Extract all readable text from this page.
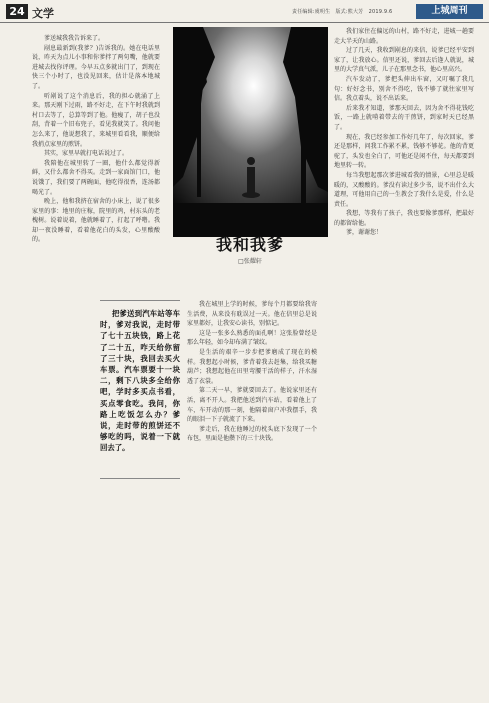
24 文学	责任编辑:虞明生　版式:熊大芳　2019.9.6	上城周刊

爹送城我我告诉来了。

剐息最新到(我爹？)告诉我的。她在电话里说，昨天为点儿小事和你爹拌了两句嘴，他就要进城去找你评理。今早五点多就出门了，到现在快三个小时了，也没见回来，估计是落本地城了。

听剐说了这个消息后，我的担心就涌了上来。那天刚下过雨，路不好走，在下午时我就到村口去等了，总算等到了他。他瘦了，胡子也没刮，背着一个旧布兜子，看见我就笑了。我问他怎么来了，他说想我了，来城里看看我，顺便给我捎点家里的煎饼。

其实，家里早就打电话说过了。

我陪他在城里转了一圈，他什么都觉得新鲜，又什么都舍不得买。走到一家面馆门口，他说饿了，我们要了两碗面，他吃得很香，连汤都喝光了。

晚上，他和我挤在宿舍的小床上，说了很多家里的事：地里的庄稼，院里的鸡，村东头的老槐树。说着说着，他就睡着了，打起了呼噜。我却一夜没睡着，看着他花白的头发，心里酸酸的。	我和我爹
□张耀轩
把爹送到汽车站等车时，爹对我说，走时带了七十五块钱，路上花了二十五，咋天给你留了三十块，我回去买火车票。汽车票要十一块二，剩下八块多全给你吧，学时多买点书看，买点零食吃。我问，你路上吃饭怎么办？爹说，走时带的煎饼还不够吃的吗，说着一下就回去了。

我在城里上学的时候，爹每个月都要给我寄生活费，从来没有耽误过一天。他在信里总是说家里都好，让我安心读书，别惦记。

这是一张多么熟悉的面孔啊！这张脸曾经是那么年轻，如今却布满了皱纹。

是生活的艰辛一步步把爹磨成了现在的模样。我想起小时候，爹背着我去赶集，给我买糖葫芦；我想起他在田里弯腰干活的样子，汗水湿透了衣裳。

第二天一早，爹就要回去了。他说家里还有活，离不开人。我把他送到汽车站，看着他上了车，车开动的那一刻，他隔着窗户冲我摆手，我的眼泪一下子就流了下来。

爹走后，我在他睡过的枕头底下发现了一个布包，里面是他攒下的三十块钱。

我们家住在偏远的山村，路不好走，进城一趟要走大半天的山路。

过了几天，我收到剐息的来信，说爹已经平安到家了，让我放心。信里还说，爹回去后逢人就说，城里的大学真气派，儿子在那里念书，他心里高兴。

汽车发动了，爹把头伸出车窗，又叮嘱了我几句：好好念书，别舍不得吃，钱不够了就往家里写信。我点着头，说不出话来。

后来我才知道，爹那天回去，因为舍不得花钱吃饭，一路上就啃着带去的干煎饼，到家时天已经黑了。

现在，我已经参加工作好几年了，每次回家，爹还是那样，问我工作累不累，钱够不够花。他的背更驼了，头发也全白了，可他还是闲不住，每天都要到地里转一转。

每当我想起那次爹进城看我的情景，心里总是暖暖的，又酸酸的。爹没有读过多少书，说不出什么大道理，可他用自己的一生教会了我什么是爱，什么是责任。

我想，等我有了孩子，我也要像爹那样，把最好的都留给他。

爹，谢谢您！
